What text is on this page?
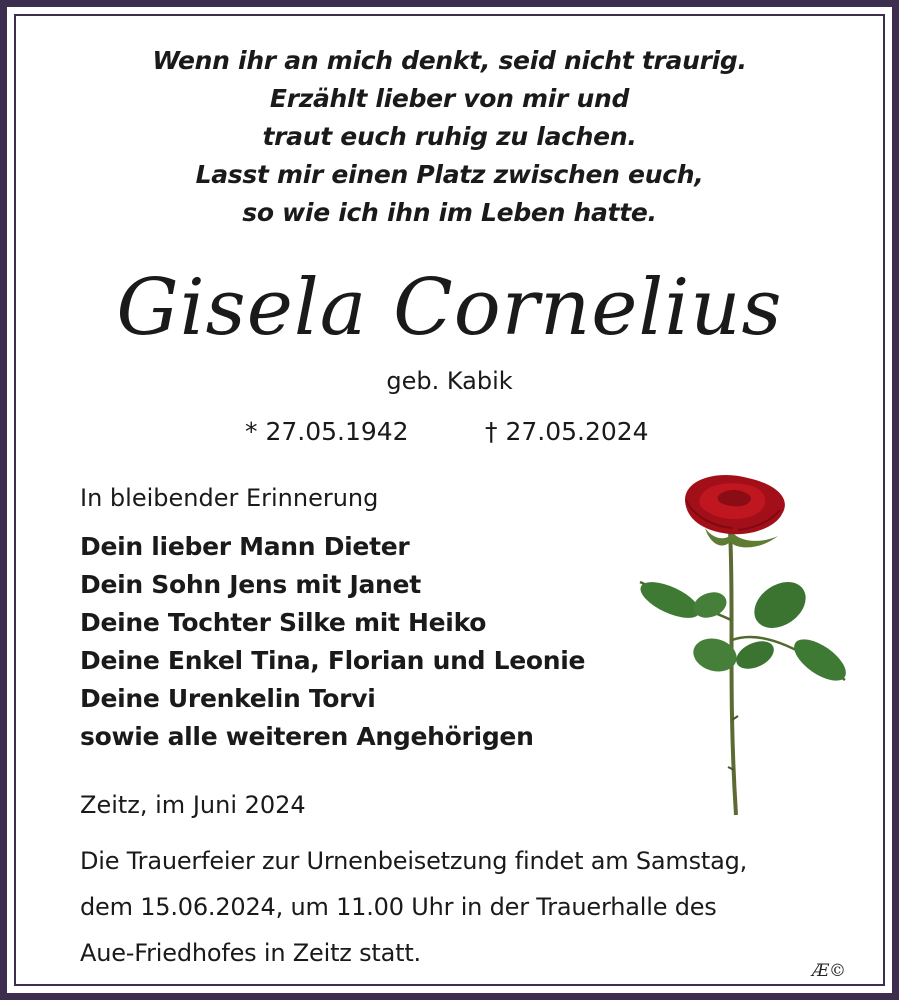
Wenn ihr an mich denkt, seid nicht traurig.
Erzählt lieber von mir und
traut euch ruhig zu lachen.
Lasst mir einen Platz zwischen euch,
so wie ich ihn im Leben hatte.
Gisela Cornelius
geb. Kabik
* 27.05.1942	† 27.05.2024
In bleibender Erinnerung
Dein lieber Mann Dieter
Dein Sohn Jens mit Janet
Deine Tochter Silke mit Heiko
Deine Enkel Tina, Florian und Leonie
Deine Urenkelin Torvi
sowie alle weiteren Angehörigen
Zeitz, im Juni 2024
Die Trauerfeier zur Urnenbeisetzung findet am Samstag,
dem 15.06.2024, um 11.00 Uhr in der Trauerhalle des
Aue-Friedhofes in Zeitz statt.
Æ©
